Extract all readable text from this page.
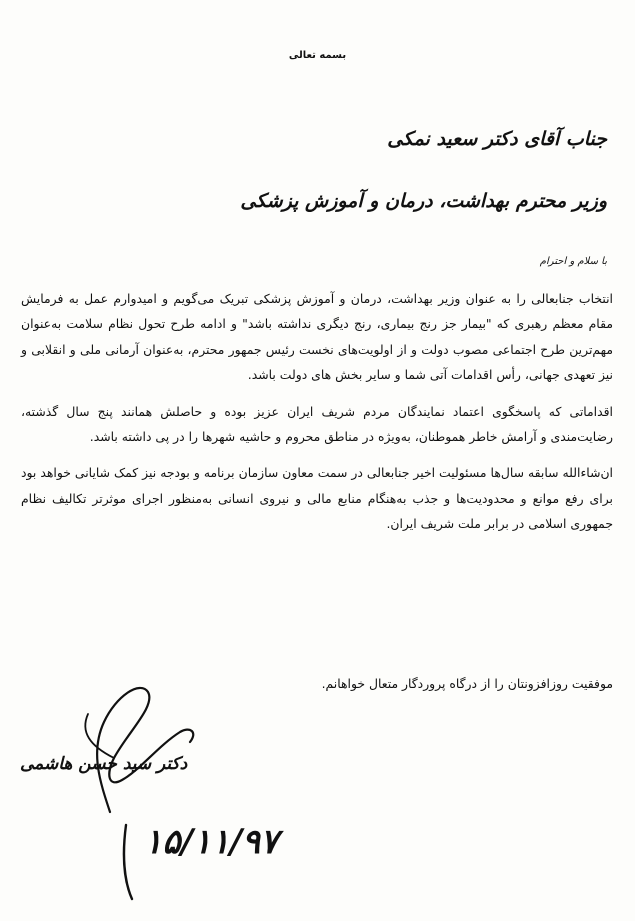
بسمه تعالی
جناب آقای دکتر سعید نمکی
وزیر محترم بهداشت، درمان و آموزش پزشکی
با سلام و احترام

انتخاب جنابعالی را به عنوان وزیر بهداشت، درمان و آموزش پزشکی تبریک می‌گویم و امیدوارم عمل به فرمایش مقام معظم رهبری که "بیمار جز رنج بیماری، رنج دیگری نداشته باشد" و ادامه طرح تحول نظام سلامت به‌عنوان مهم‌ترین طرح اجتماعی مصوب دولت و از اولویت‌های نخست رئیس جمهور محترم، به‌عنوان آرمانی ملی و انقلابی و نیز تعهدی جهانی، رأس اقدامات آتی شما و سایر بخش های دولت باشد.

اقداماتی که پاسخگوی اعتماد نمایندگان مردم شریف ایران عزیز بوده و حاصلش همانند پنج سال گذشته، رضایت‌مندی و آرامش خاطر هموطنان، به‌ویژه در مناطق محروم و حاشیه شهرها را در پی داشته باشد.

ان‌شاءالله سابقه سال‌ها مسئولیت اخیر جنابعالی در سمت معاون سازمان برنامه و بودجه نیز کمک شایانی خواهد بود برای رفع موانع و محدودیت‌ها و جذب به‌هنگام منابع مالی و نیروی انسانی به‌منظور اجرای موثرتر تکالیف نظام جمهوری اسلامی در برابر ملت شریف ایران.

موفقیت روزافزونتان را از درگاه پروردگار متعال خواهانم.
دکتر سید حسن هاشمی
۱۵/۱۱/۹۷
